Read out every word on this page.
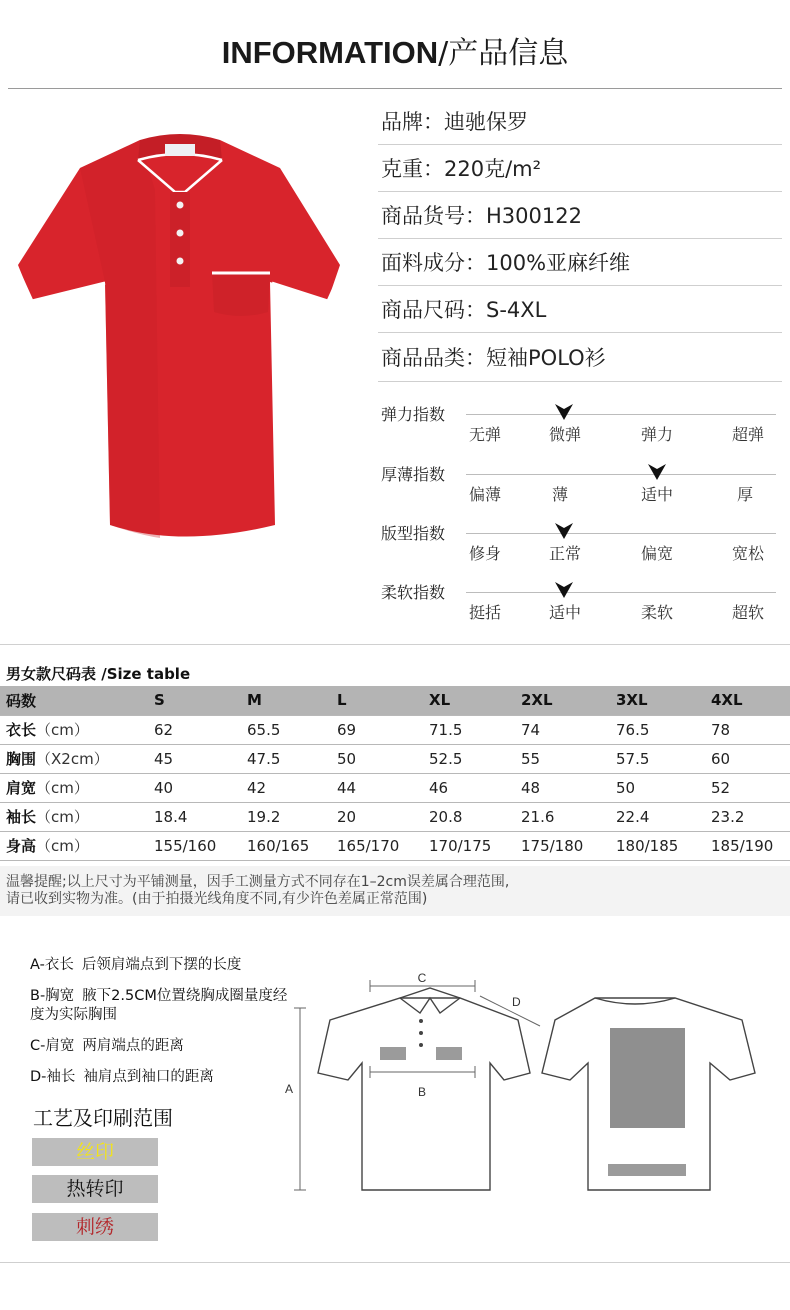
INFORMATION/产品信息
品牌：迪驰保罗
克重：220克/m²
商品货号：H300122
面料成分：100%亚麻纤维
商品尺码：S-4XL
商品品类：短袖POLO衫
弹力指数
无弹	微弹	弹力	超弹
厚薄指数
偏薄	薄	适中	厚
版型指数
修身	正常	偏宽	宽松
柔软指数
挺括	适中	柔软	超软
男女款尺码表 /Size table
码数	S	M	L	XL	2XL	3XL	4XL
衣长（cm）	62	65.5	69	71.5	74	76.5	78
胸围（X2cm）	45	47.5	50	52.5	55	57.5	60
肩宽（cm）	40	42	44	46	48	50	52
袖长（cm）	18.4	19.2	20	20.8	21.6	22.4	23.2
身高（cm）	155/160	160/165	165/170	170/175	175/180	180/185	185/190
温馨提醒;以上尺寸为平铺测量，因手工测量方式不同存在1–2cm误差属合理范围,
请已收到实物为准。(由于拍摄光线角度不同,有少许色差属正常范围)
A-衣长 后领肩端点到下摆的长度
B-胸宽 腋下2.5CM位置绕胸成圈量度经度为实际胸围
C-肩宽 两肩端点的距离
D-袖长 袖肩点到袖口的距离
工艺及印刷范围
丝印
热转印
刺绣
C
B
A
D
